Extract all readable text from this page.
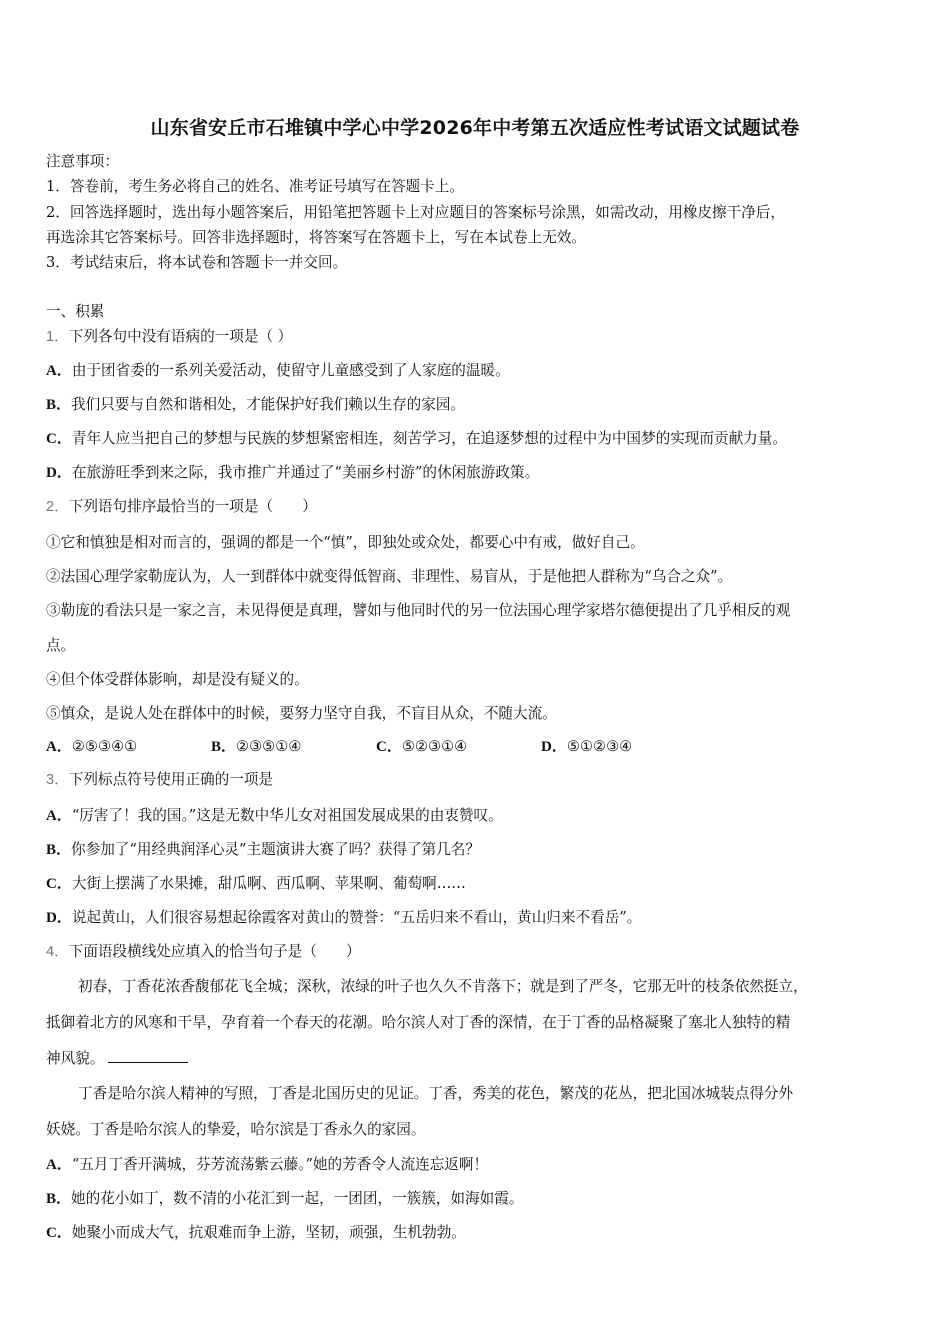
山东省安丘市石堆镇中学心中学2026年中考第五次适应性考试语文试题试卷
注意事项：
1．答卷前，考生务必将自己的姓名、准考证号填写在答题卡上。
2．回答选择题时，选出每小题答案后，用铅笔把答题卡上对应题目的答案标号涂黑，如需改动，用橡皮擦干净后，
再选涂其它答案标号。回答非选择题时，将答案写在答题卡上，写在本试卷上无效。
3．考试结束后，将本试卷和答题卡一并交回。
一、积累
1．下列各句中没有语病的一项是（ ）
A．由于团省委的一系列关爱活动，使留守儿童感受到了人家庭的温暖。
B．我们只要与自然和谐相处，才能保护好我们赖以生存的家园。
C．青年人应当把自己的梦想与民族的梦想紧密相连，刻苦学习，在追逐梦想的过程中为中国梦的实现而贡献力量。
D．在旅游旺季到来之际，我市推广并通过了“美丽乡村游”的休闲旅游政策。
2．下列语句排序最恰当的一项是（　　）
①它和慎独是相对而言的，强调的都是一个“慎”，即独处或众处，都要心中有戒，做好自己。
②法国心理学家勒庞认为，人一到群体中就变得低智商、非理性、易盲从，于是他把人群称为“乌合之众”。
③勒庞的看法只是一家之言，未见得便是真理，譬如与他同时代的另一位法国心理学家塔尔德便提出了几乎相反的观
点。
④但个体受群体影响，却是没有疑义的。
⑤慎众，是说人处在群体中的时候，要努力坚守自我，不盲目从众，不随大流。
A．②⑤③④①	B．②③⑤①④	C．⑤②③①④	D．⑤①②③④
3．下列标点符号使用正确的一项是
A．“厉害了！我的国。”这是无数中华儿女对祖国发展成果的由衷赞叹。
B．你参加了“用经典润泽心灵”主题演讲大赛了吗？获得了第几名？
C．大街上摆满了水果摊，甜瓜啊、西瓜啊、苹果啊、葡萄啊……
D．说起黄山，人们很容易想起徐霞客对黄山的赞誉：“五岳归来不看山，黄山归来不看岳”。
4．下面语段横线处应填入的恰当句子是（　　）
初春，丁香花浓香馥郁花飞全城；深秋，浓绿的叶子也久久不肯落下；就是到了严冬，它那无叶的枝条依然挺立，
抵御着北方的风寒和干旱，孕育着一个春天的花潮。哈尔滨人对丁香的深情，在于丁香的品格凝聚了塞北人独特的精
神风貌。
丁香是哈尔滨人精神的写照，丁香是北国历史的见证。丁香，秀美的花色，繁茂的花丛，把北国冰城装点得分外
妖娆。丁香是哈尔滨人的挚爱，哈尔滨是丁香永久的家园。
A．“五月丁香开满城，芬芳流荡紫云藤。”她的芳香令人流连忘返啊！
B．她的花小如丁，数不清的小花汇到一起，一团团，一簇簇，如海如霞。
C．她聚小而成大气，抗艰难而争上游，坚韧，顽强，生机勃勃。
